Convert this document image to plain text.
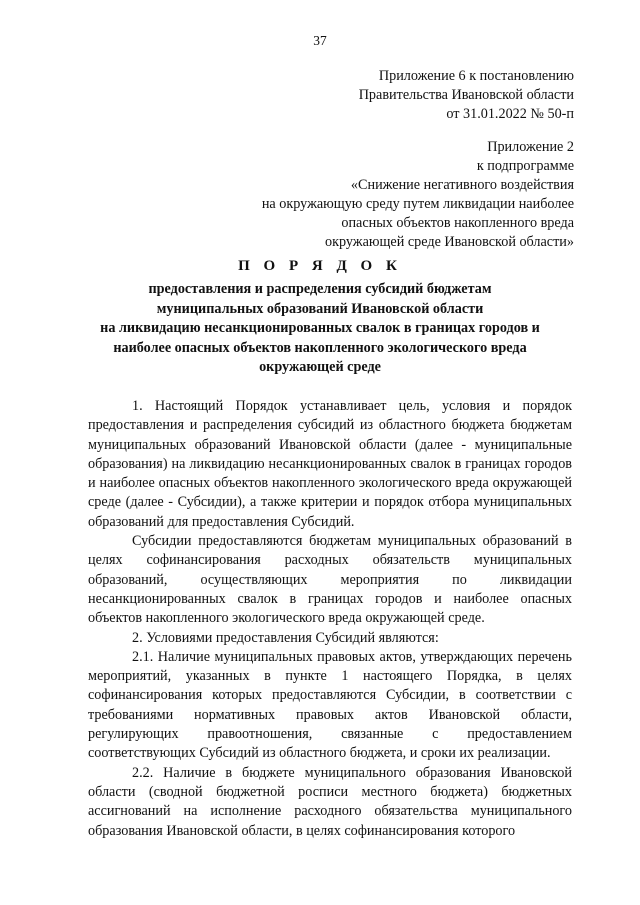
37
Приложение 6 к постановлению
Правительства Ивановской области
от 31.01.2022 № 50-п
Приложение 2
к подпрограмме
«Снижение негативного воздействия
на окружающую среду путем ликвидации наиболее
опасных объектов накопленного вреда
окружающей среде Ивановской области»
П О Р Я Д О К
предоставления и распределения субсидий бюджетам
муниципальных образований Ивановской области
на ликвидацию несанкционированных свалок в границах городов и
наиболее опасных объектов накопленного экологического вреда
окружающей среде

1. Настоящий Порядок устанавливает цель, условия и порядок предоставления и распределения субсидий из областного бюджета бюджетам муниципальных образований Ивановской области (далее - муниципальные образования) на ликвидацию несанкционированных свалок в границах городов и наиболее опасных объектов накопленного экологического вреда окружающей среде (далее - Субсидии), а также критерии и порядок отбора муниципальных образований для предоставления Субсидий.

Субсидии предоставляются бюджетам муниципальных образований в целях софинансирования расходных обязательств муниципальных образований, осуществляющих мероприятия по ликвидации несанкционированных свалок в границах городов и наиболее опасных объектов накопленного экологического вреда окружающей среде.

2. Условиями предоставления Субсидий являются:

2.1. Наличие муниципальных правовых актов, утверждающих перечень мероприятий, указанных в пункте 1 настоящего Порядка, в целях софинансирования которых предоставляются Субсидии, в соответствии с требованиями нормативных правовых актов Ивановской области, регулирующих правоотношения, связанные с предоставлением соответствующих Субсидий из областного бюджета, и сроки их реализации.

2.2. Наличие в бюджете муниципального образования Ивановской области (сводной бюджетной росписи местного бюджета) бюджетных ассигнований на исполнение расходного обязательства муниципального образования Ивановской области, в целях софинансирования которого
